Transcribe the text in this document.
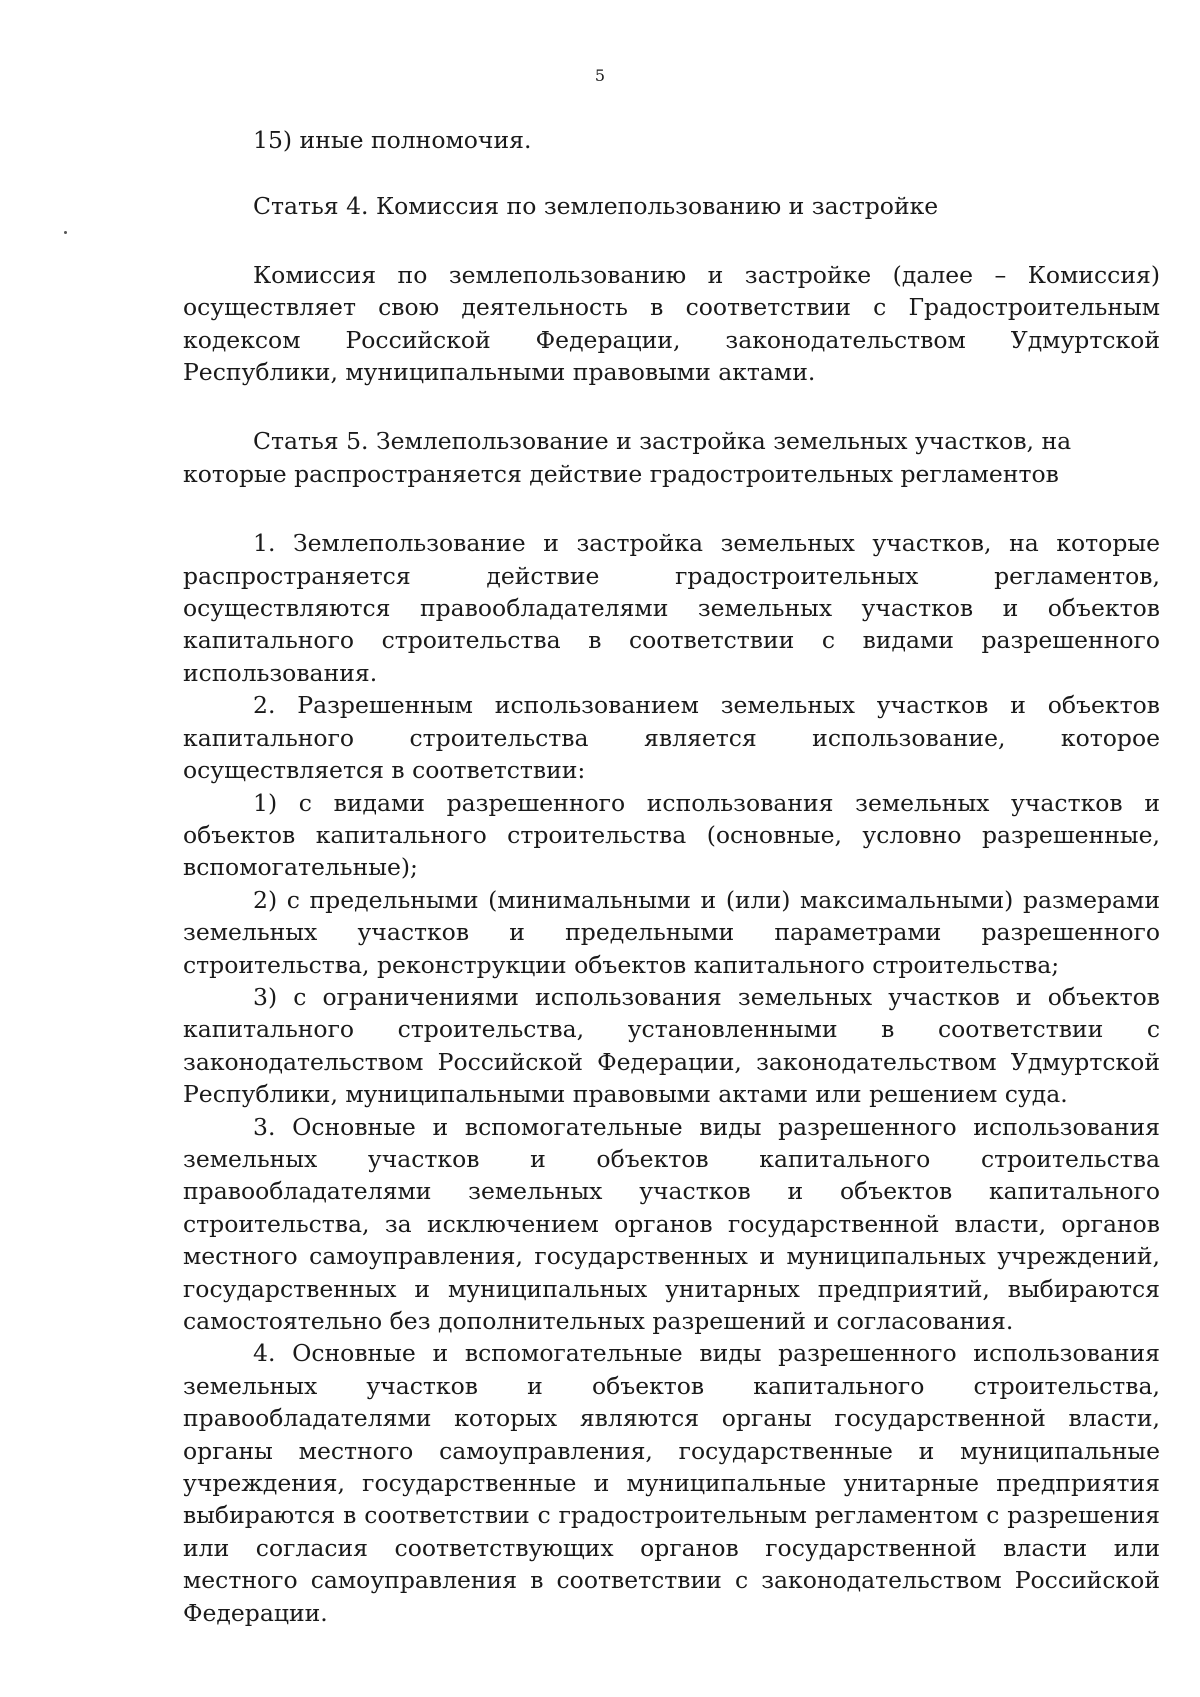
5

15) иные полномочия.

Статья 4. Комиссия по землепользованию и застройке

Комиссия по землепользованию и застройке (далее – Комиссия) осуществляет свою деятельность в соответствии с Градостроительным кодексом Российской Федерации, законодательством Удмуртской Республики, муниципальными правовыми актами.

Статья 5. Землепользование и застройка земельных участков, на которые распространяется действие градостроительных регламентов

1. Землепользование и застройка земельных участков, на которые распространяется действие градостроительных регламентов, осуществляются правообладателями земельных участков и объектов капитального строительства в соответствии с видами разрешенного использования.

2. Разрешенным использованием земельных участков и объектов капитального строительства является использование, которое осуществляется в соответствии:

1) с видами разрешенного использования земельных участков и объектов капитального строительства (основные, условно разрешенные, вспомогательные);

2) с предельными (минимальными и (или) максимальными) размерами земельных участков и предельными параметрами разрешенного строительства, реконструкции объектов капитального строительства;

3) с ограничениями использования земельных участков и объектов капитального строительства, установленными в соответствии с законодательством Российской Федерации, законодательством Удмуртской Республики, муниципальными правовыми актами или решением суда.

3. Основные и вспомогательные виды разрешенного использования земельных участков и объектов капитального строительства правообладателями земельных участков и объектов капитального строительства, за исключением органов государственной власти, органов местного самоуправления, государственных и муниципальных учреждений, государственных и муниципальных унитарных предприятий, выбираются самостоятельно без дополнительных разрешений и согласования.

4. Основные и вспомогательные виды разрешенного использования земельных участков и объектов капитального строительства, правообладателями которых являются органы государственной власти, органы местного самоуправления, государственные и муниципальные учреждения, государственные и муниципальные унитарные предприятия выбираются в соответствии с градостроительным регламентом с разрешения или согласия соответствующих органов государственной власти или местного самоуправления в соответствии с законодательством Российской Федерации.
